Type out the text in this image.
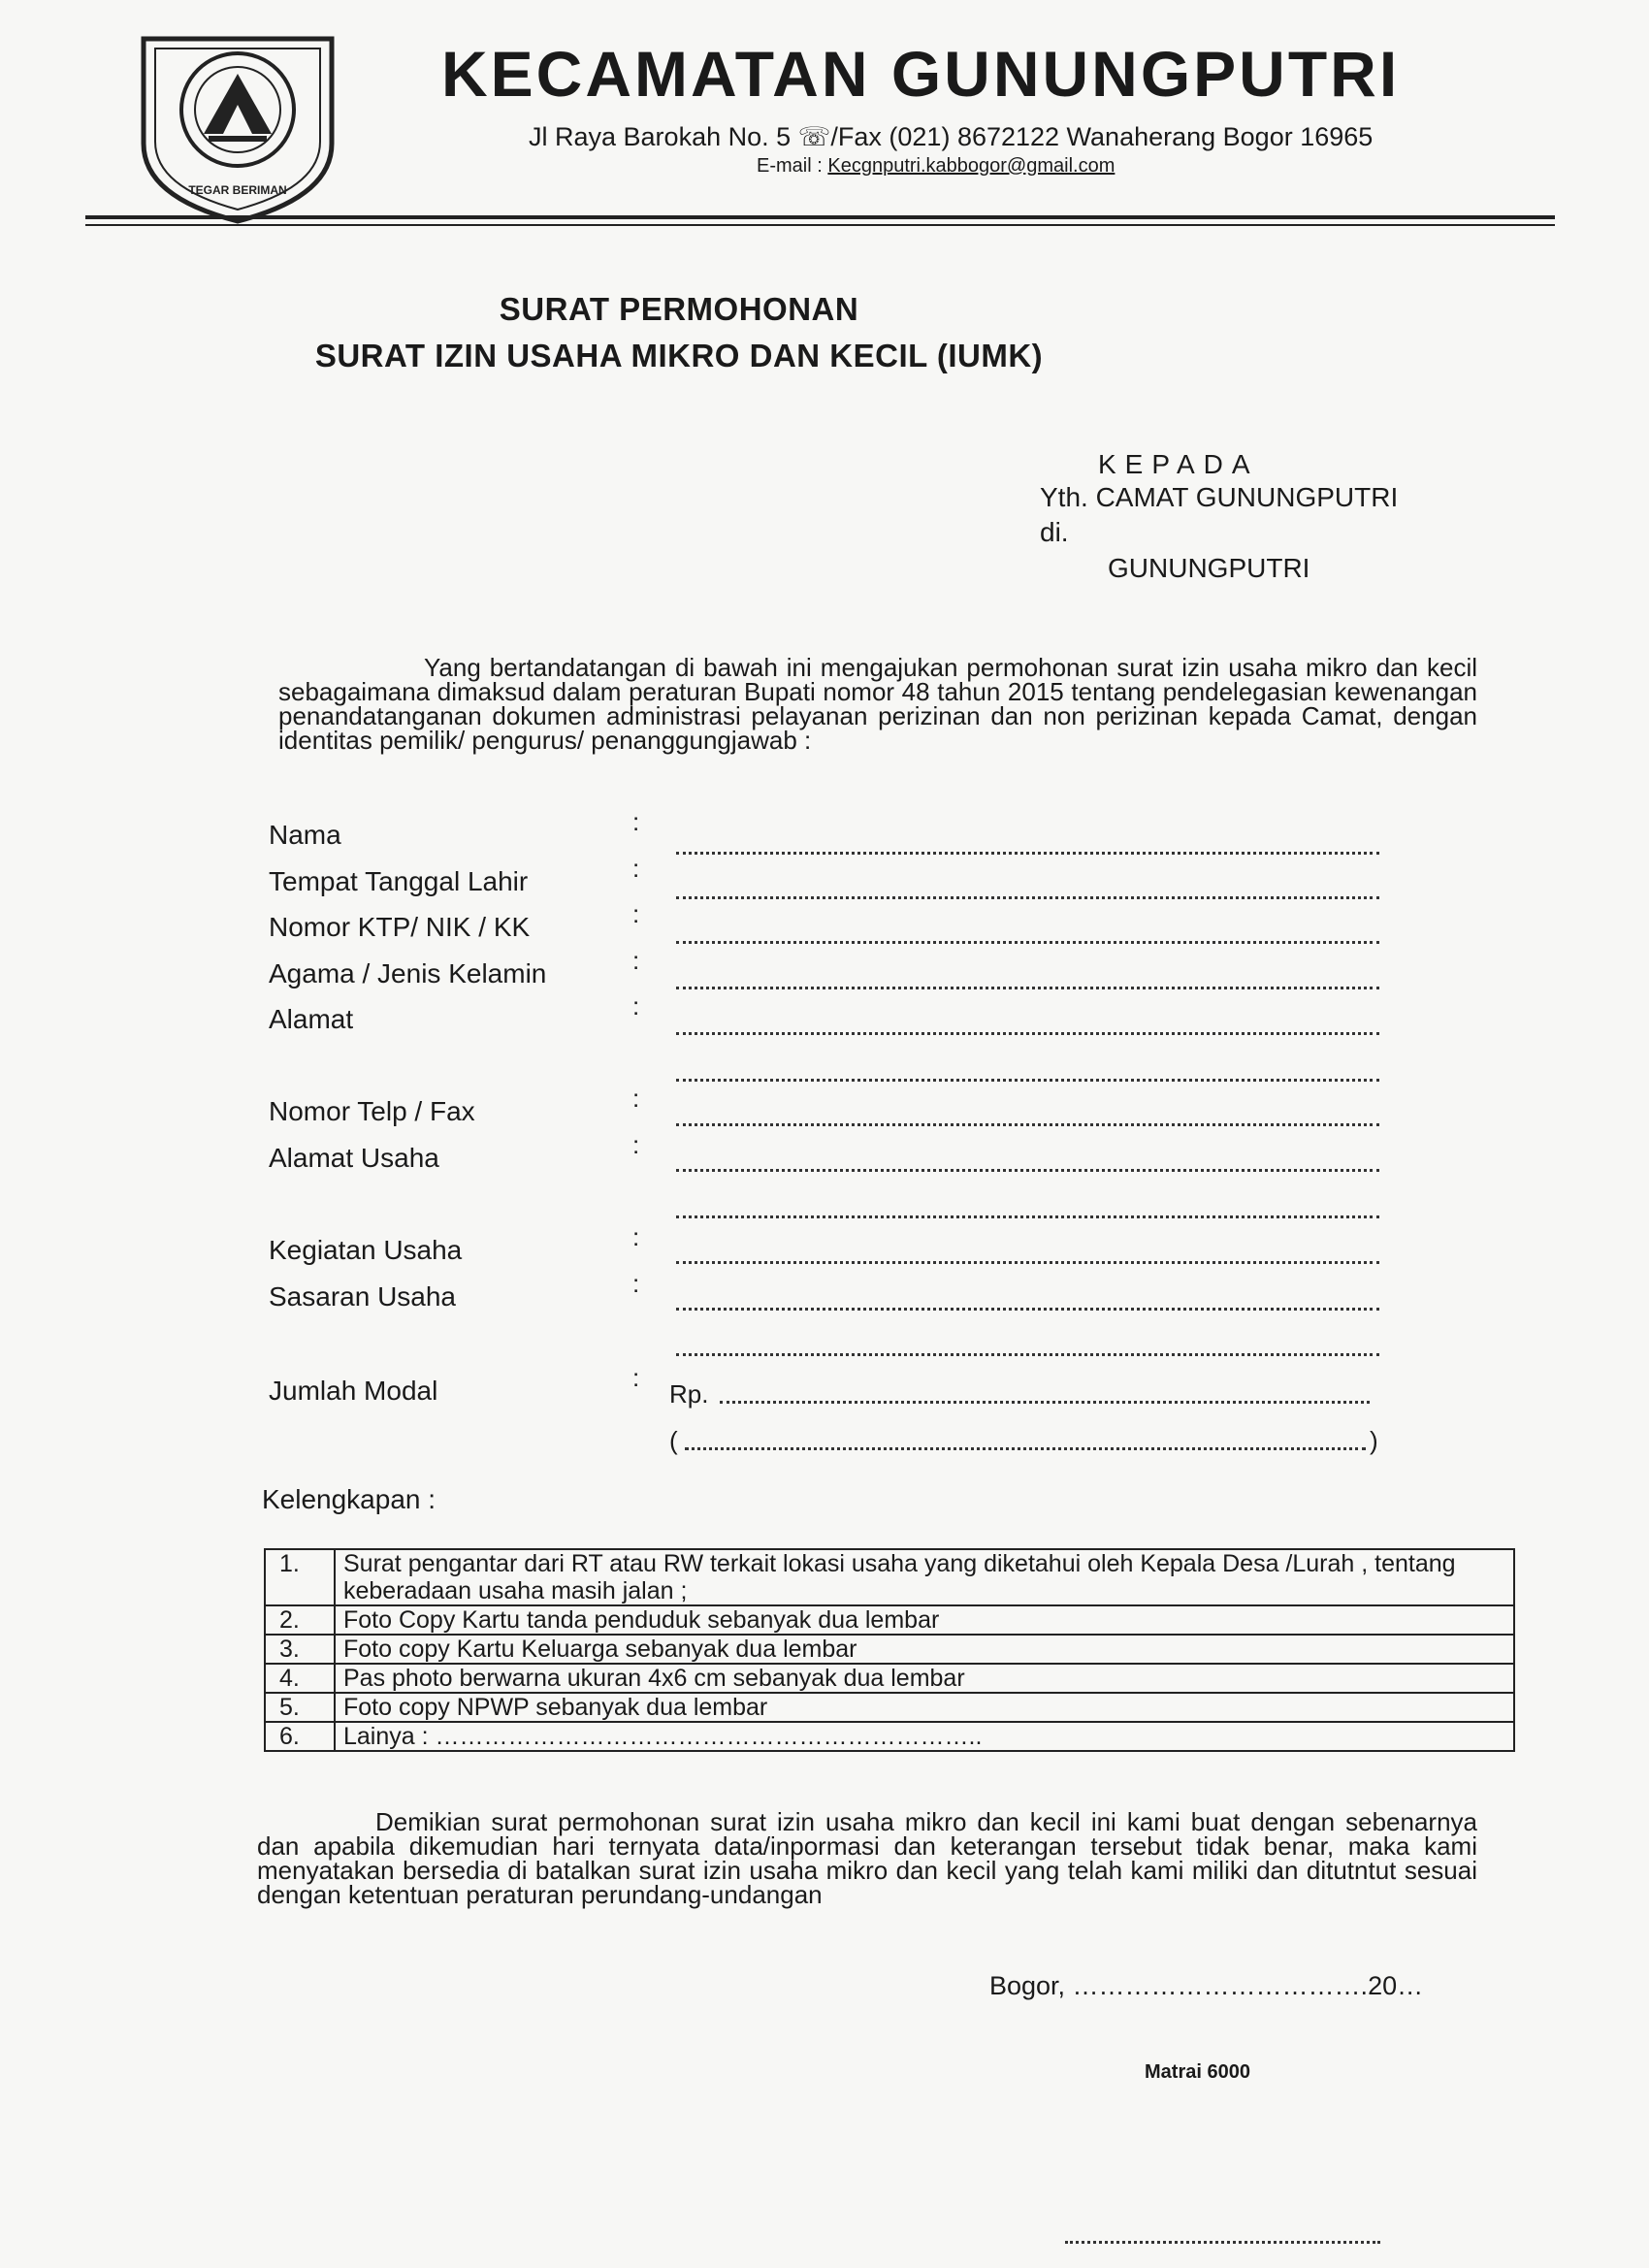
TEGAR BERIMAN
KECAMATAN GUNUNGPUTRI
Jl Raya Barokah No. 5 ☏/Fax (021) 8672122 Wanaherang Bogor 16965
E-mail : Kecgnputri.kabbogor@gmail.com
SURAT PERMOHONAN
SURAT IZIN USAHA MIKRO DAN KECIL (IUMK)
KEPADA
Yth. CAMAT GUNUNGPUTRI
di.
GUNUNGPUTRI
Yang bertandatangan di bawah ini mengajukan permohonan surat izin usaha mikro dan kecil sebagaimana dimaksud dalam peraturan Bupati nomor 48 tahun 2015 tentang pendelegasian kewenangan penandatanganan dokumen administrasi pelayanan perizinan dan non perizinan kepada Camat, dengan identitas pemilik/ pengurus/ penanggungjawab :
Nama	:
Tempat Tanggal Lahir	:
Nomor KTP/ NIK / KK	:
Agama / Jenis Kelamin	:
Alamat	:
Nomor Telp / Fax	:
Alamat Usaha	:
Kegiatan Usaha	:
Sasaran Usaha	:
Jumlah Modal	:
Rp.
(	)
Kelengkapan :
1.	Surat pengantar dari RT atau RW terkait lokasi usaha yang diketahui oleh Kepala Desa /Lurah , tentang keberadaan usaha masih jalan ;
2.	Foto Copy Kartu tanda penduduk sebanyak dua lembar
3.	Foto copy Kartu Keluarga sebanyak dua lembar
4.	Pas photo berwarna ukuran 4x6 cm sebanyak dua lembar
5.	Foto copy NPWP sebanyak dua lembar
6.	Lainya : …………………………………………………………..
Demikian surat permohonan surat izin usaha mikro dan kecil ini kami buat dengan sebenarnya dan apabila dikemudian hari ternyata data/inpormasi dan keterangan tersebut tidak benar, maka kami menyatakan bersedia di batalkan surat izin usaha mikro dan kecil yang telah kami miliki dan ditutntut sesuai dengan ketentuan peraturan perundang-undangan
Bogor, …………………………….20…
Matrai 6000
